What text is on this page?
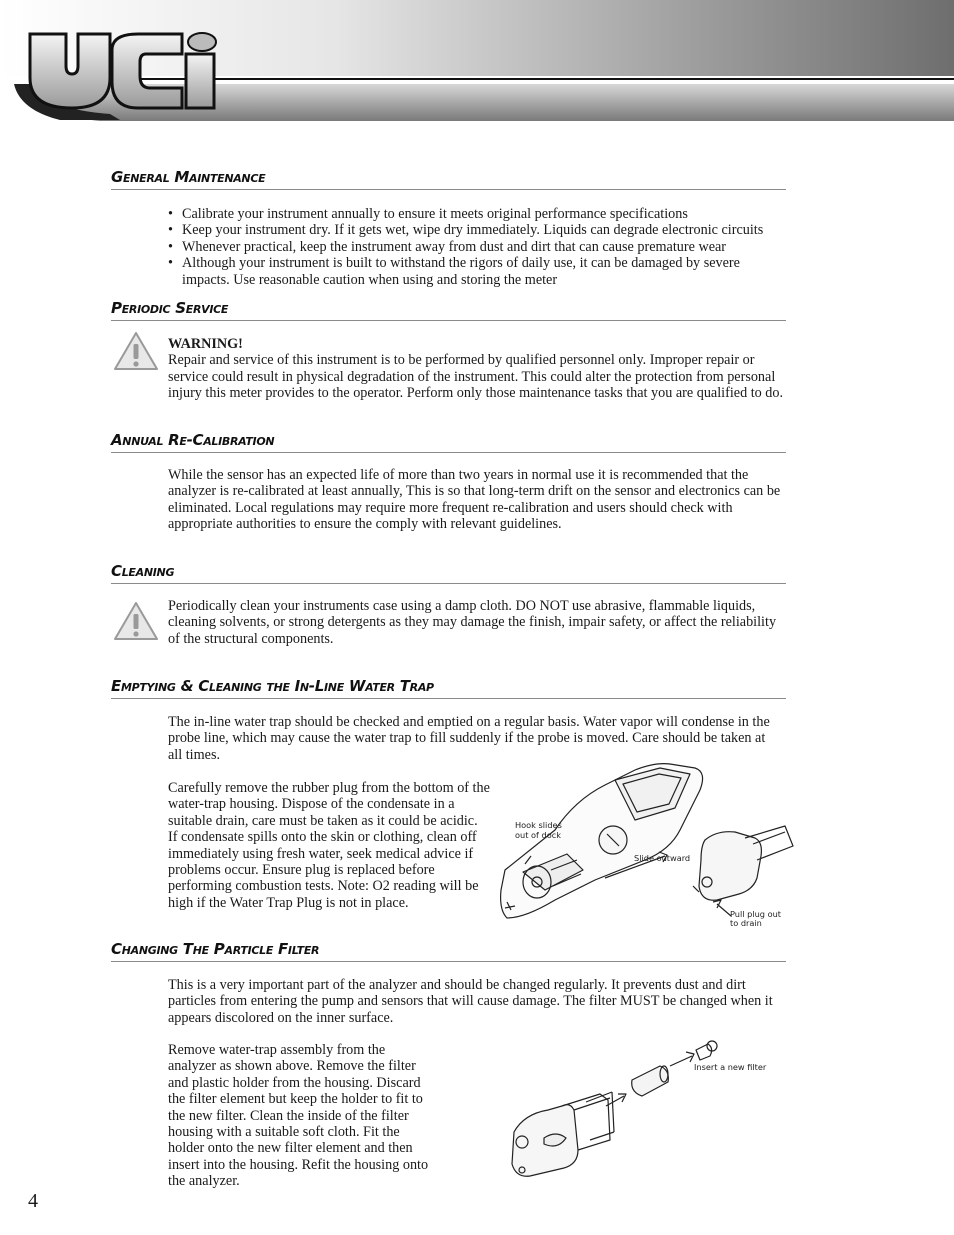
General Maintenance
• Calibrate your instrument annually to ensure it meets original performance specifications
• Keep your instrument dry. If it gets wet, wipe dry immediately. Liquids can degrade electronic circuits
• Whenever practical, keep the instrument away from dust and dirt that can cause premature wear
• Although your instrument is built to withstand the rigors of daily use, it can be damaged by severe impacts. Use reasonable caution when using and storing the meter
Periodic Service
WARNING!
Repair and service of this instrument is to be performed by qualified personnel only. Improper repair or service could result in physical degradation of the instrument. This could alter the protection from personal injury this meter provides to the operator. Perform only those maintenance tasks that you are qualified to do.
Annual Re-Calibration
While the sensor has an expected life of more than two years in normal use it is recommended that the analyzer is re-calibrated at least annually, This is so that long-term drift on the sensor and electronics can be eliminated. Local regulations may require more frequent re-calibration and users should check with appropriate authorities to ensure the comply with relevant guidelines.
Cleaning
Periodically clean your instruments case using a damp cloth. DO NOT use abrasive, flammable liquids, cleaning solvents, or strong detergents as they may damage the finish, impair safety, or affect the reliability of the structural components.
Emptying & Cleaning the In-Line Water Trap
The in-line water trap should be checked and emptied on a regular basis. Water vapor will condense in the probe line, which may cause the water trap to fill suddenly if the probe is moved. Care should be taken at all times.
Carefully remove the rubber plug from the bottom of the water-trap housing. Dispose of the condensate in a suitable drain, care must be taken as it could be acidic. If condensate spills onto the skin or clothing, clean off immediately using fresh water, seek medical advice if problems occur. Ensure plug is replaced before performing combustion tests. Note: O2 reading will be high if the Water Trap Plug is not in place.
Hook slides
out of dock
Slide outward
Pull plug out
to drain
Changing The Particle Filter
This is a very important part of the analyzer and should be changed regularly. It prevents dust and dirt particles from entering the pump and sensors that will cause damage. The filter MUST be changed when it appears discolored on the inner surface.
Remove water-trap assembly from the analyzer as shown above. Remove the filter and plastic holder from the housing. Discard the filter element but keep the holder to fit to the new filter. Clean the inside of the filter housing with a suitable soft cloth. Fit the holder onto the new filter element and then insert into the housing. Refit the housing onto the analyzer.
Insert a new filter
4
